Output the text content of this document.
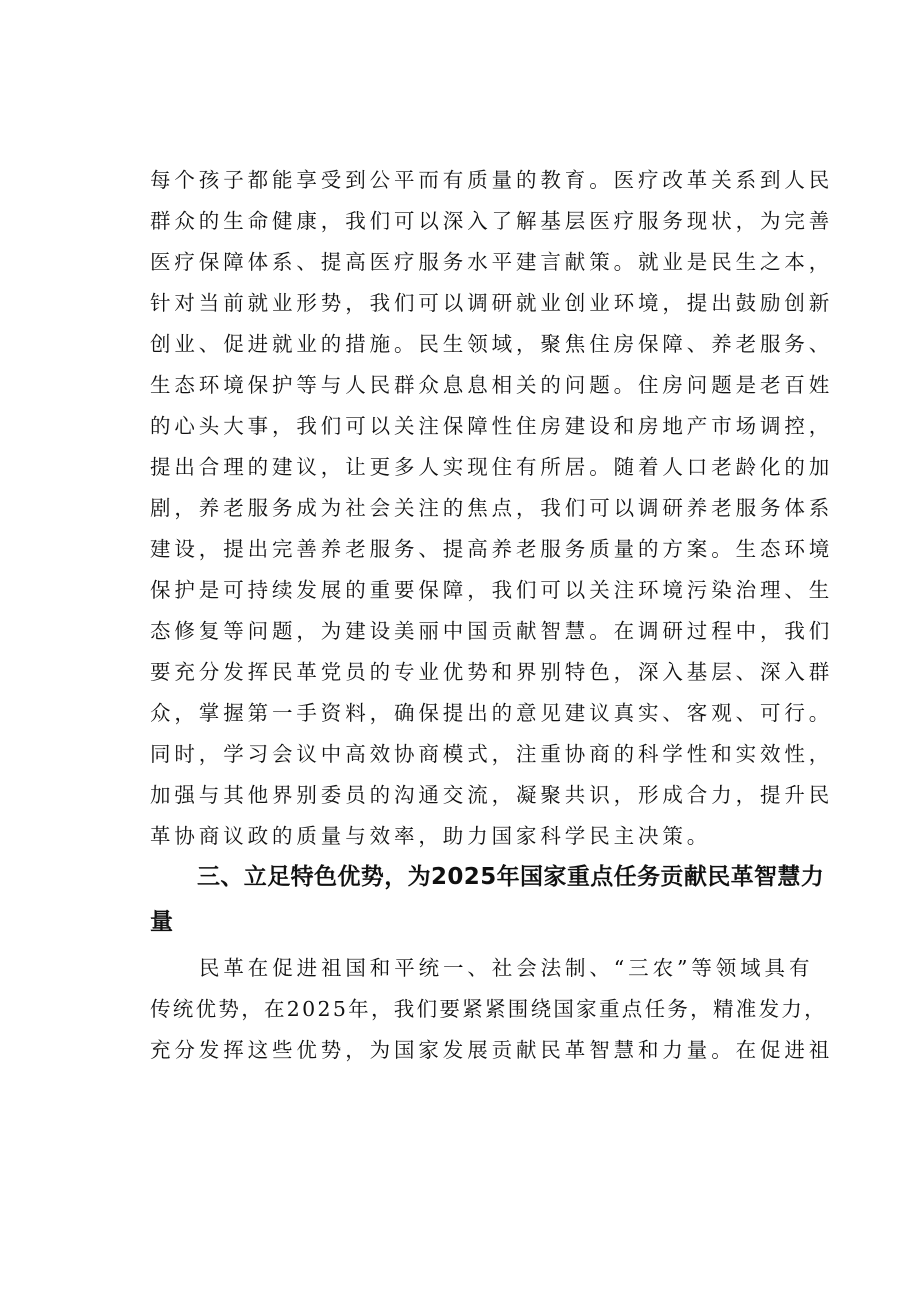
每个孩子都能享受到公平而有质量的教育。医疗改革关系到人民
群众的生命健康，我们可以深入了解基层医疗服务现状，为完善
医疗保障体系、提高医疗服务水平建言献策。就业是民生之本，
针对当前就业形势，我们可以调研就业创业环境，提出鼓励创新
创业、促进就业的措施。民生领域，聚焦住房保障、养老服务、
生态环境保护等与人民群众息息相关的问题。住房问题是老百姓
的心头大事，我们可以关注保障性住房建设和房地产市场调控，
提出合理的建议，让更多人实现住有所居。随着人口老龄化的加
剧，养老服务成为社会关注的焦点，我们可以调研养老服务体系
建设，提出完善养老服务、提高养老服务质量的方案。生态环境
保护是可持续发展的重要保障，我们可以关注环境污染治理、生
态修复等问题，为建设美丽中国贡献智慧。在调研过程中，我们
要充分发挥民革党员的专业优势和界别特色，深入基层、深入群
众，掌握第一手资料，确保提出的意见建议真实、客观、可行。
同时，学习会议中高效协商模式，注重协商的科学性和实效性，
加强与其他界别委员的沟通交流，凝聚共识，形成合力，提升民
革协商议政的质量与效率，助力国家科学民主决策。
三、立足特色优势，为2025年国家重点任务贡献民革智慧力
量
民革在促进祖国和平统一、社会法制、“三农”等领域具有
传统优势，在2025年，我们要紧紧围绕国家重点任务，精准发力，
充分发挥这些优势，为国家发展贡献民革智慧和力量。在促进祖
